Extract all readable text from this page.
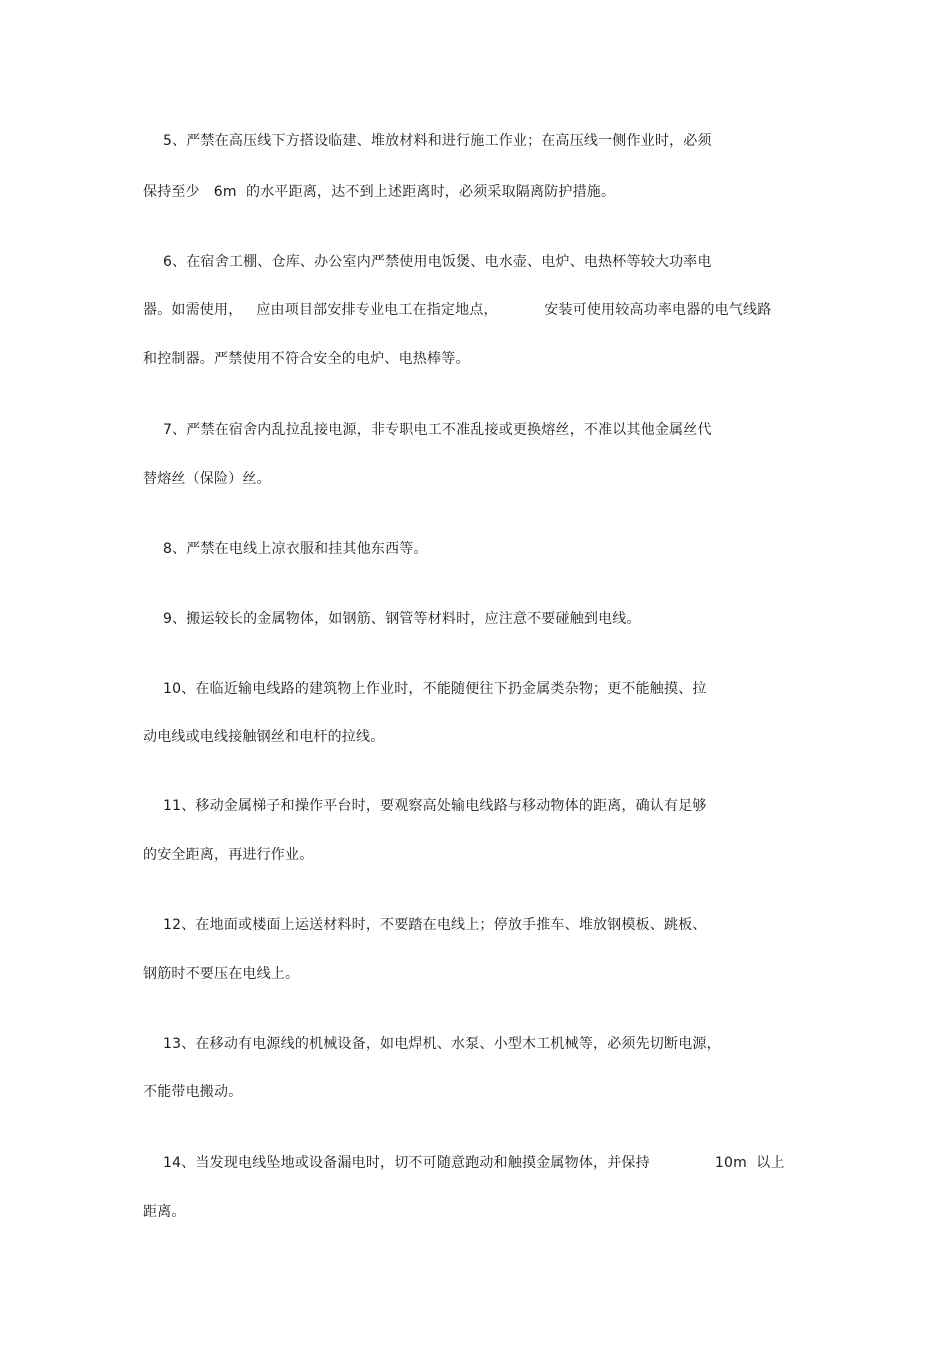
5、严禁在高压线下方搭设临建、堆放材料和进行施工作业；在高压线一侧作业时，必须
保持至少   6m  的水平距离，达不到上述距离时，必须采取隔离防护措施。
6、在宿舍工棚、仓库、办公室内严禁使用电饭煲、电水壶、电炉、电热杯等较大功率电
器。如需使用，   应由项目部安排专业电工在指定地点，          安装可使用较高功率电器的电气线路
和控制器。严禁使用不符合安全的电炉、电热棒等。
7、严禁在宿舍内乱拉乱接电源，非专职电工不准乱接或更换熔丝，不准以其他金属丝代
替熔丝（保险）丝。
8、严禁在电线上凉衣服和挂其他东西等。
9、搬运较长的金属物体，如钢筋、钢管等材料时，应注意不要碰触到电线。
10、在临近输电线路的建筑物上作业时，不能随便往下扔金属类杂物；更不能触摸、拉
动电线或电线接触钢丝和电杆的拉线。
11、移动金属梯子和操作平台时，要观察高处输电线路与移动物体的距离，确认有足够
的安全距离，再进行作业。
12、在地面或楼面上运送材料时，不要踏在电线上；停放手推车、堆放钢模板、跳板、
钢筋时不要压在电线上。
13、在移动有电源线的机械设备，如电焊机、水泵、小型木工机械等，必须先切断电源，
不能带电搬动。
14、当发现电线坠地或设备漏电时，切不可随意跑动和触摸金属物体，并保持              10m  以上
距离。
